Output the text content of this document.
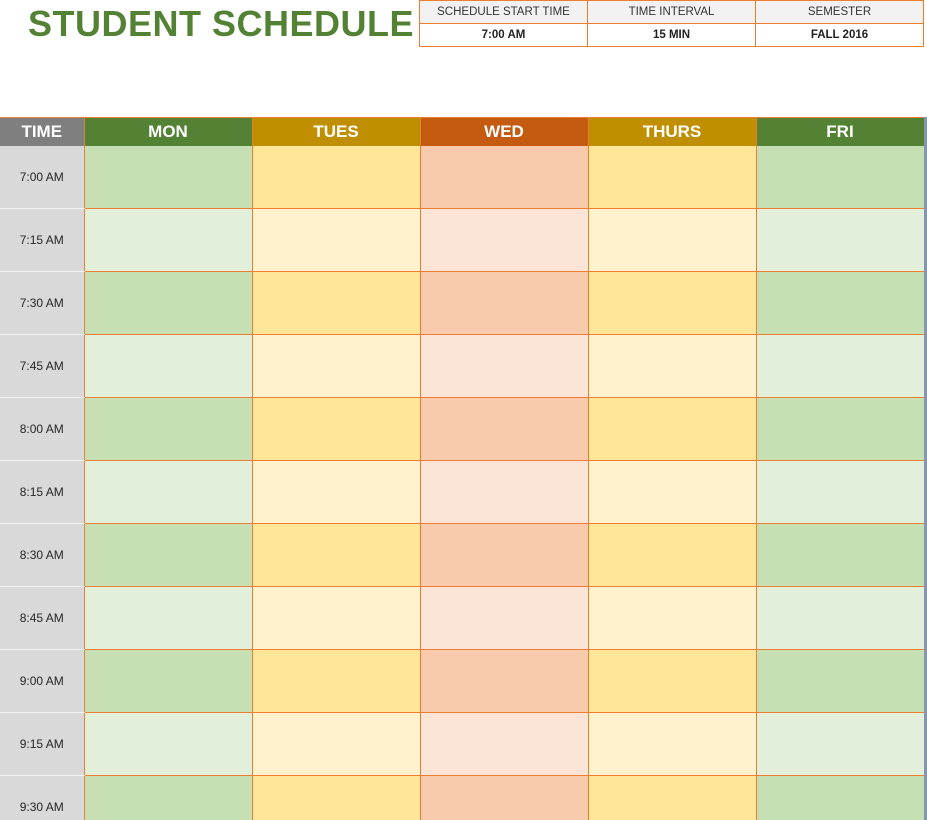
STUDENT SCHEDULE SCHEDULE START TIME	TIME INTERVAL	SEMESTER
7:00 AM	15 MIN	FALL 2016
TIME	MON	TUES	WED	THURS	FRI
7:00 AM					
7:15 AM					
7:30 AM					
7:45 AM					
8:00 AM					
8:15 AM					
8:30 AM					
8:45 AM					
9:00 AM					
9:15 AM					
9:30 AM					
